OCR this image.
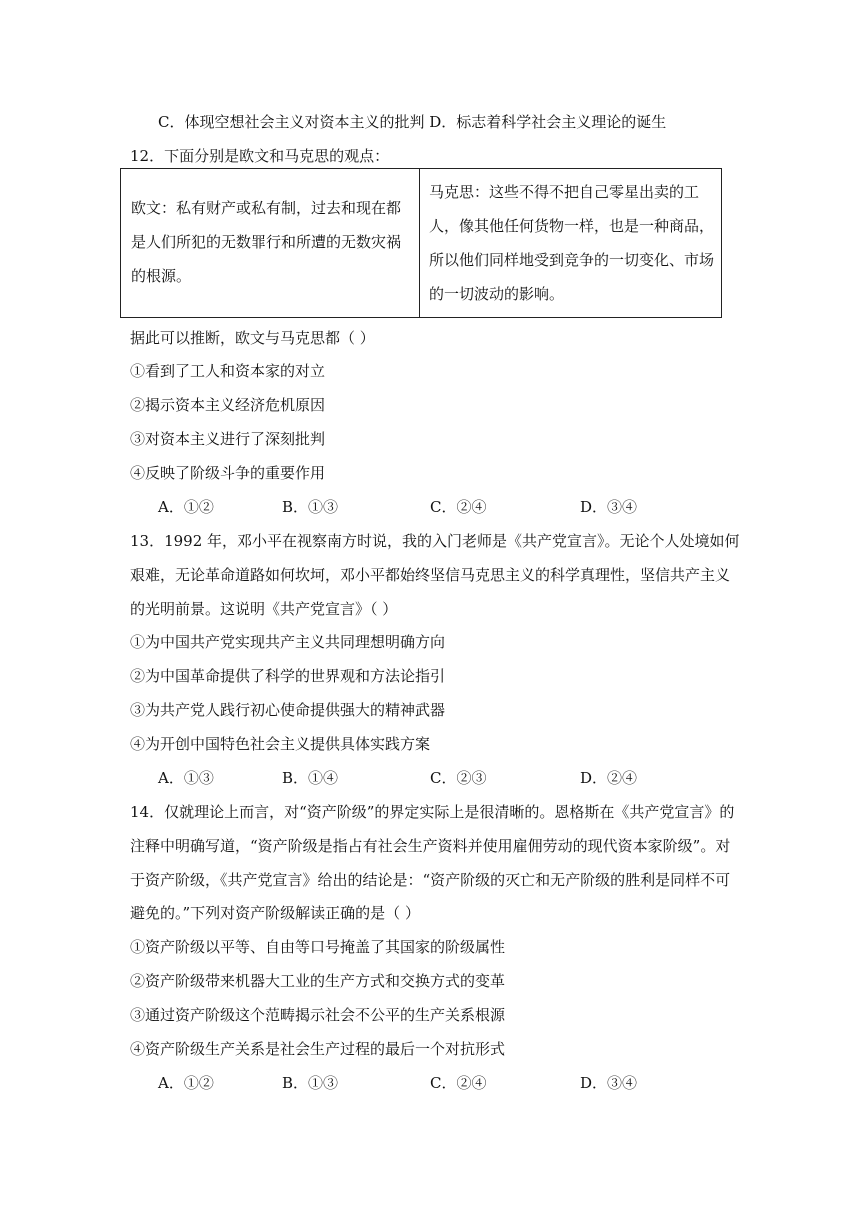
C．体现空想社会主义对资本主义的批判 D．标志着科学社会主义理论的诞生
12．下面分别是欧文和马克思的观点：
欧文：私有财产或私有制，过去和现在都
是人们所犯的无数罪行和所遭的无数灾祸
的根源。
马克思：这些不得不把自己零星出卖的工
人，像其他任何货物一样，也是一种商品，
所以他们同样地受到竞争的一切变化、市场
的一切波动的影响。
据此可以推断，欧文与马克思都（ ）
①看到了工人和资本家的对立
②揭示资本主义经济危机原因
③对资本主义进行了深刻批判
④反映了阶级斗争的重要作用
A．①②	B．①③	C．②④	D．③④
13．1992 年，邓小平在视察南方时说，我的入门老师是《共产党宣言》。无论个人处境如何
艰难，无论革命道路如何坎坷，邓小平都始终坚信马克思主义的科学真理性，坚信共产主义
的光明前景。这说明《共产党宣言》（ ）
①为中国共产党实现共产主义共同理想明确方向
②为中国革命提供了科学的世界观和方法论指引
③为共产党人践行初心使命提供强大的精神武器
④为开创中国特色社会主义提供具体实践方案
A．①③	B．①④	C．②③	D．②④
14．仅就理论上而言，对“资产阶级”的界定实际上是很清晰的。恩格斯在《共产党宣言》的
注释中明确写道，“资产阶级是指占有社会生产资料并使用雇佣劳动的现代资本家阶级”。对
于资产阶级，《共产党宣言》给出的结论是：“资产阶级的灭亡和无产阶级的胜利是同样不可
避免的。”下列对资产阶级解读正确的是（ ）
①资产阶级以平等、自由等口号掩盖了其国家的阶级属性
②资产阶级带来机器大工业的生产方式和交换方式的变革
③通过资产阶级这个范畴揭示社会不公平的生产关系根源
④资产阶级生产关系是社会生产过程的最后一个对抗形式
A．①②	B．①③	C．②④	D．③④
